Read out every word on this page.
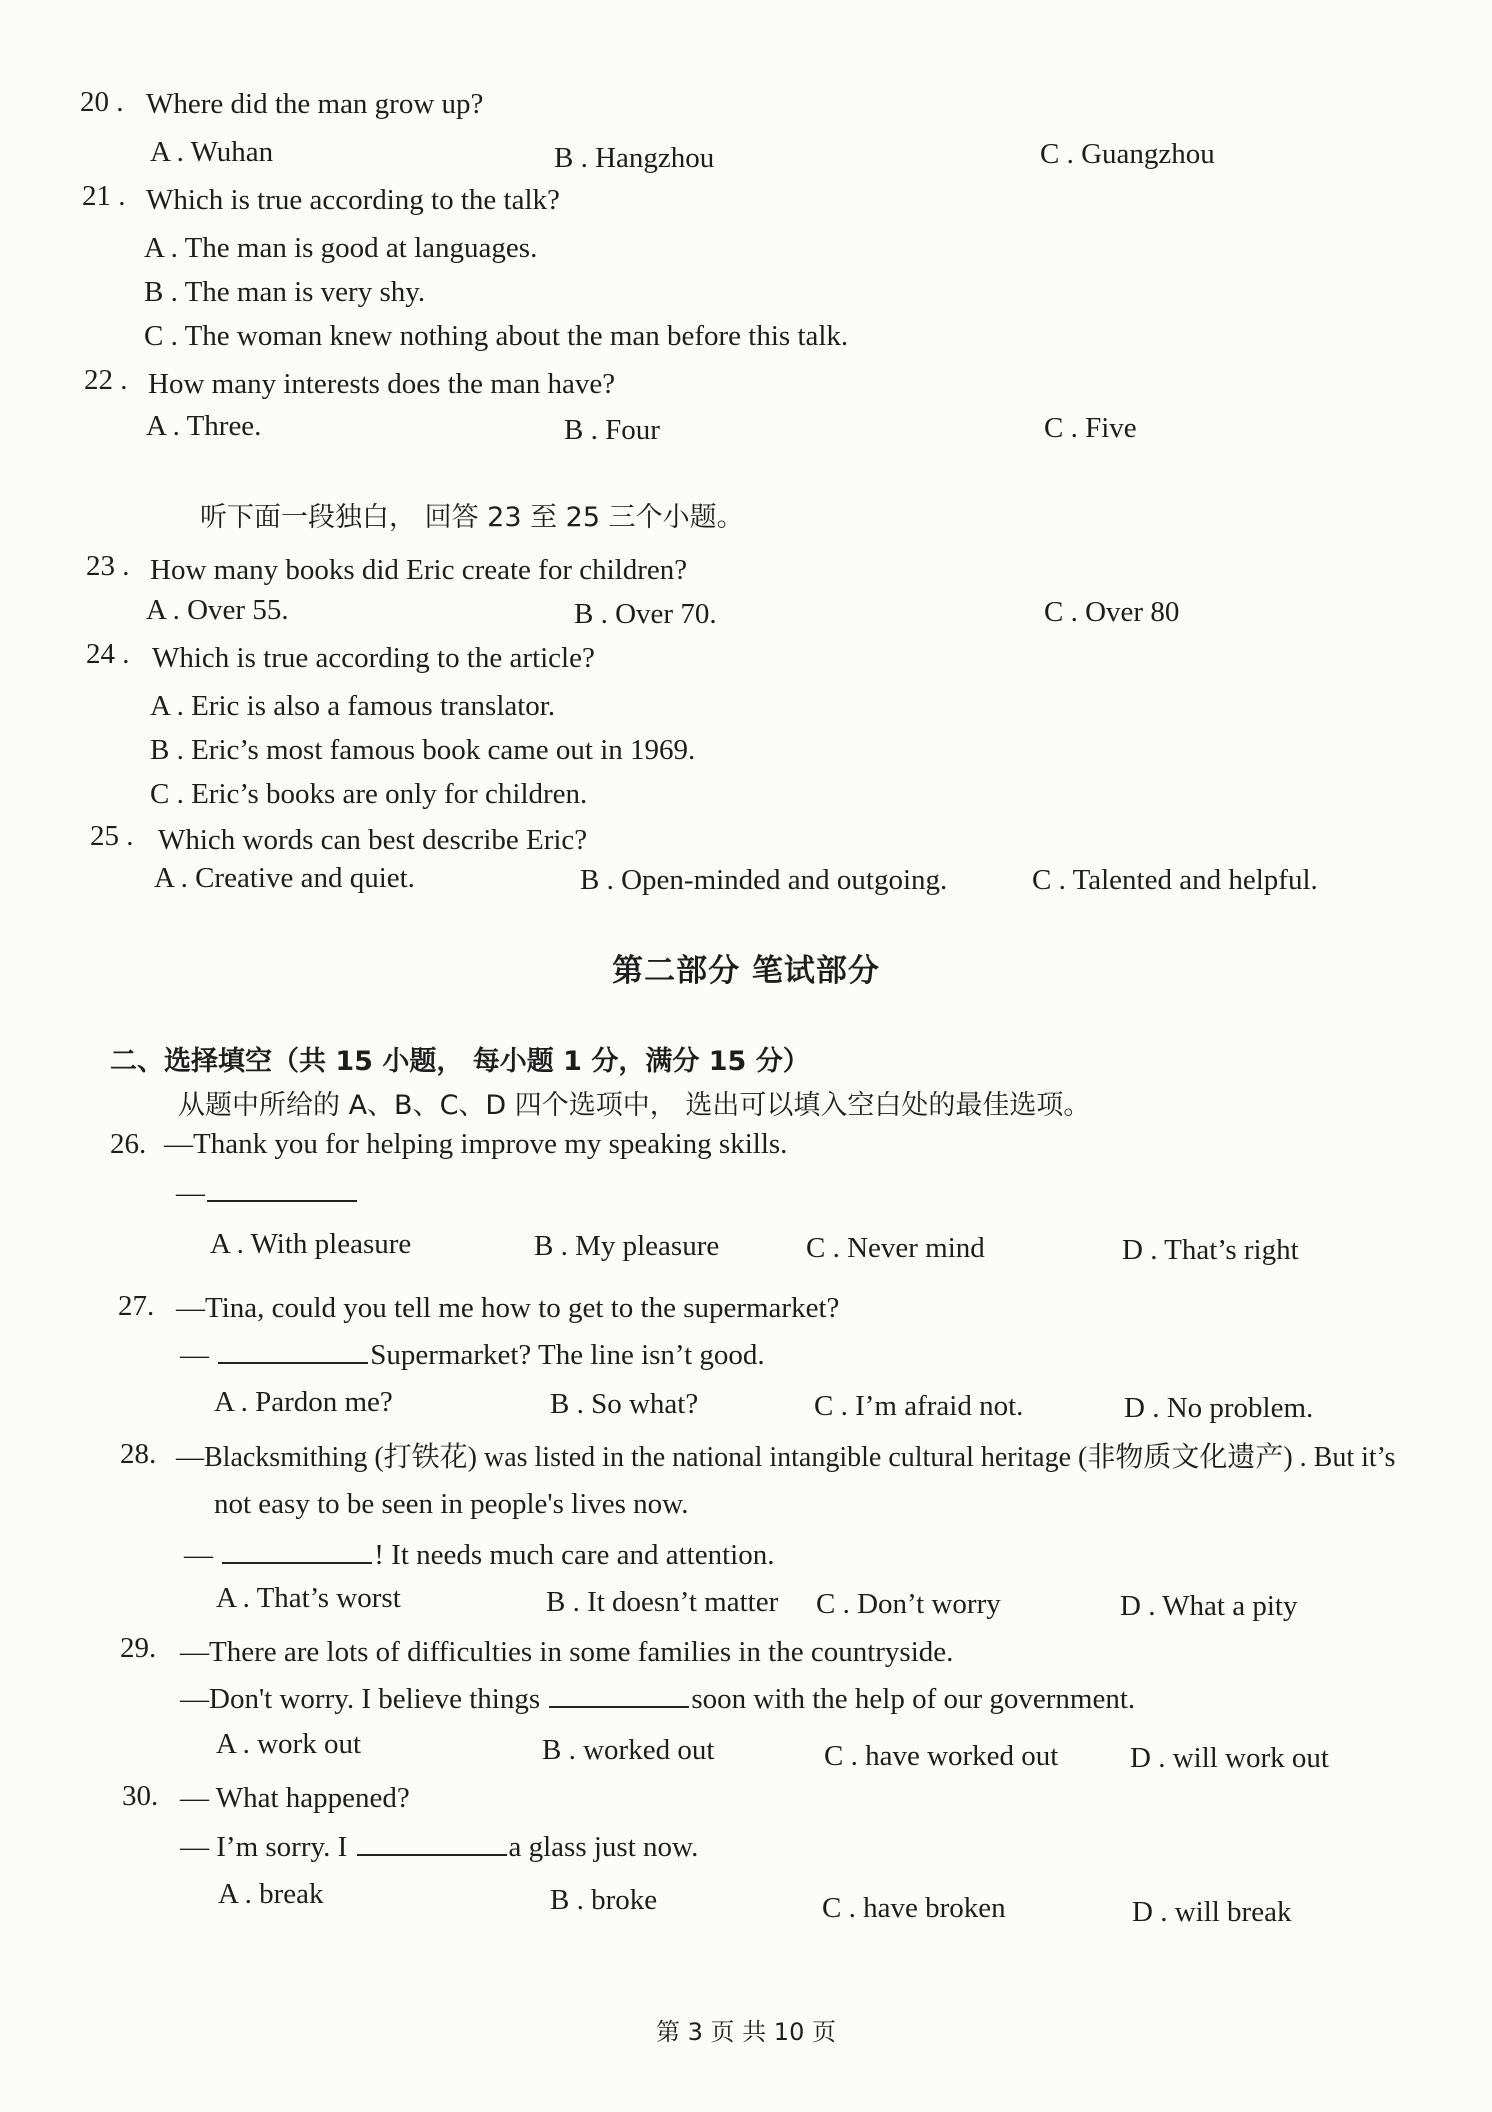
20 . Where did the man grow up?
A . Wuhan	B . Hangzhou	C . Guangzhou
21 . Which is true according to the talk?
A . The man is good at languages.
B . The man is very shy.
C . The woman knew nothing about the man before this talk.
22 . How many interests does the man have?
A . Three.	B . Four	C . Five
听下面一段独白， 回答 23 至 25 三个小题。
23 . How many books did Eric create for children?
A . Over 55.	B . Over 70.	C . Over 80
24 . Which is true according to the article?
A . Eric is also a famous translator.
B . Eric’s most famous book came out in 1969.
C . Eric’s books are only for children.
25 . Which words can best describe Eric?
A . Creative and quiet.	B . Open-minded and outgoing.	C . Talented and helpful.
第二部分 笔试部分
二、选择填空（共 15 小题， 每小题 1 分，满分 15 分）
从题中所给的 A、B、C、D 四个选项中， 选出可以填入空白处的最佳选项。
26. —Thank you for helping improve my speaking skills.
—
A . With pleasure	B . My pleasure	C . Never mind	D . That’s right
27. —Tina, could you tell me how to get to the supermarket?
—	Supermarket? The line isn’t good.
A . Pardon me?	B . So what?	C . I’m afraid not.	D . No problem.
28. —Blacksmithing (打铁花) was listed in the national intangible cultural heritage (非物质文化遗产) . But it’s
not easy to be seen in people's lives now.
—	! It needs much care and attention.
A . That’s worst	B . It doesn’t matter C . Don’t worry	D . What a pity
29. —There are lots of difficulties in some families in the countryside.
—Don't worry. I believe things	soon with the help of our government.
A . work out	B . worked out	C . have worked out D . will work out
30. — What happened?
— I’m sorry. I	a glass just now.
A . break	B . broke	C . have broken	D . will break
第 3 页 共 10 页
